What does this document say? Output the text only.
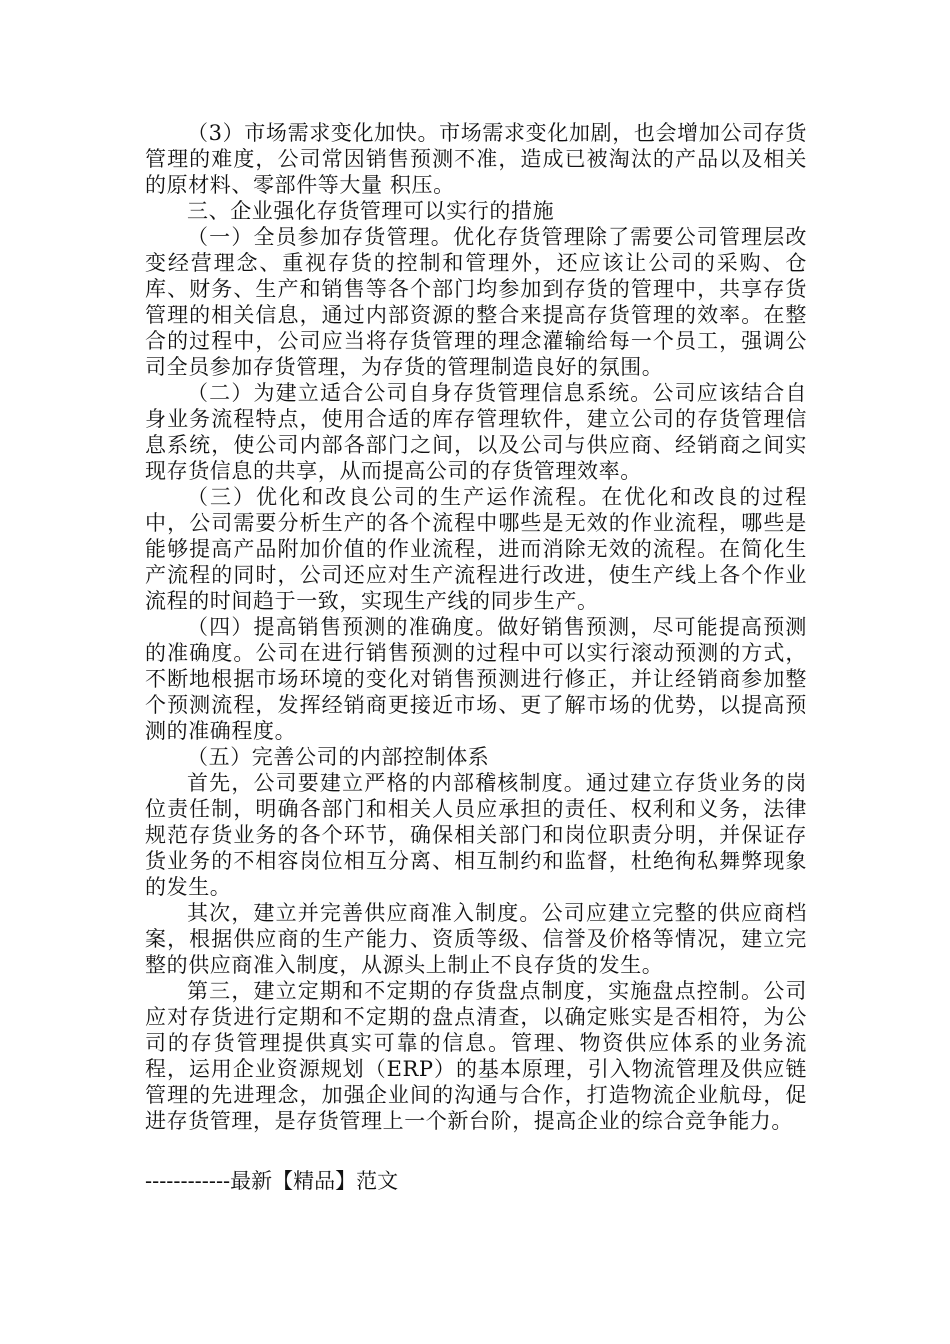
（3）市场需求变化加快。市场需求变化加剧，也会增加公司存货管理的难度，公司常因销售预测不准，造成已被淘汰的产品以及相关的原材料、零部件等大量 积压。

三、企业强化存货管理可以实行的措施

（一）全员参加存货管理。优化存货管理除了需要公司管理层改变经营理念、重视存货的控制和管理外，还应该让公司的采购、仓库、财务、生产和销售等各个部门均参加到存货的管理中，共享存货管理的相关信息，通过内部资源的整合来提高存货管理的效率。在整合的过程中，公司应当将存货管理的理念灌输给每一个员工，强调公司全员参加存货管理，为存货的管理制造良好的氛围。

（二）为建立适合公司自身存货管理信息系统。公司应该结合自身业务流程特点，使用合适的库存管理软件，建立公司的存货管理信息系统，使公司内部各部门之间，以及公司与供应商、经销商之间实现存货信息的共享，从而提高公司的存货管理效率。

（三）优化和改良公司的生产运作流程。在优化和改良的过程中，公司需要分析生产的各个流程中哪些是无效的作业流程，哪些是能够提高产品附加价值的作业流程，进而消除无效的流程。在简化生产流程的同时，公司还应对生产流程进行改进，使生产线上各个作业流程的时间趋于一致，实现生产线的同步生产。

（四）提高销售预测的准确度。做好销售预测，尽可能提高预测的准确度。公司在进行销售预测的过程中可以实行滚动预测的方式，不断地根据市场环境的变化对销售预测进行修正，并让经销商参加整个预测流程，发挥经销商更接近市场、更了解市场的优势，以提高预测的准确程度。

（五）完善公司的内部控制体系

首先，公司要建立严格的内部稽核制度。通过建立存货业务的岗位责任制，明确各部门和相关人员应承担的责任、权利和义务，法律规范存货业务的各个环节，确保相关部门和岗位职责分明，并保证存货业务的不相容岗位相互分离、相互制约和监督，杜绝徇私舞弊现象的发生。

其次，建立并完善供应商准入制度。公司应建立完整的供应商档案，根据供应商的生产能力、资质等级、信誉及价格等情况，建立完整的供应商准入制度，从源头上制止不良存货的发生。

第三，建立定期和不定期的存货盘点制度，实施盘点控制。公司应对存货进行定期和不定期的盘点清查，以确定账实是否相符，为公司的存货管理提供真实可靠的信息。管理、物资供应体系的业务流程，运用企业资源规划（ERP）的基本原理，引入物流管理及供应链管理的先进理念，加强企业间的沟通与合作，打造物流企业航母，促进存货管理，是存货管理上一个新台阶，提高企业的综合竞争能力。

------------最新【精品】范文
